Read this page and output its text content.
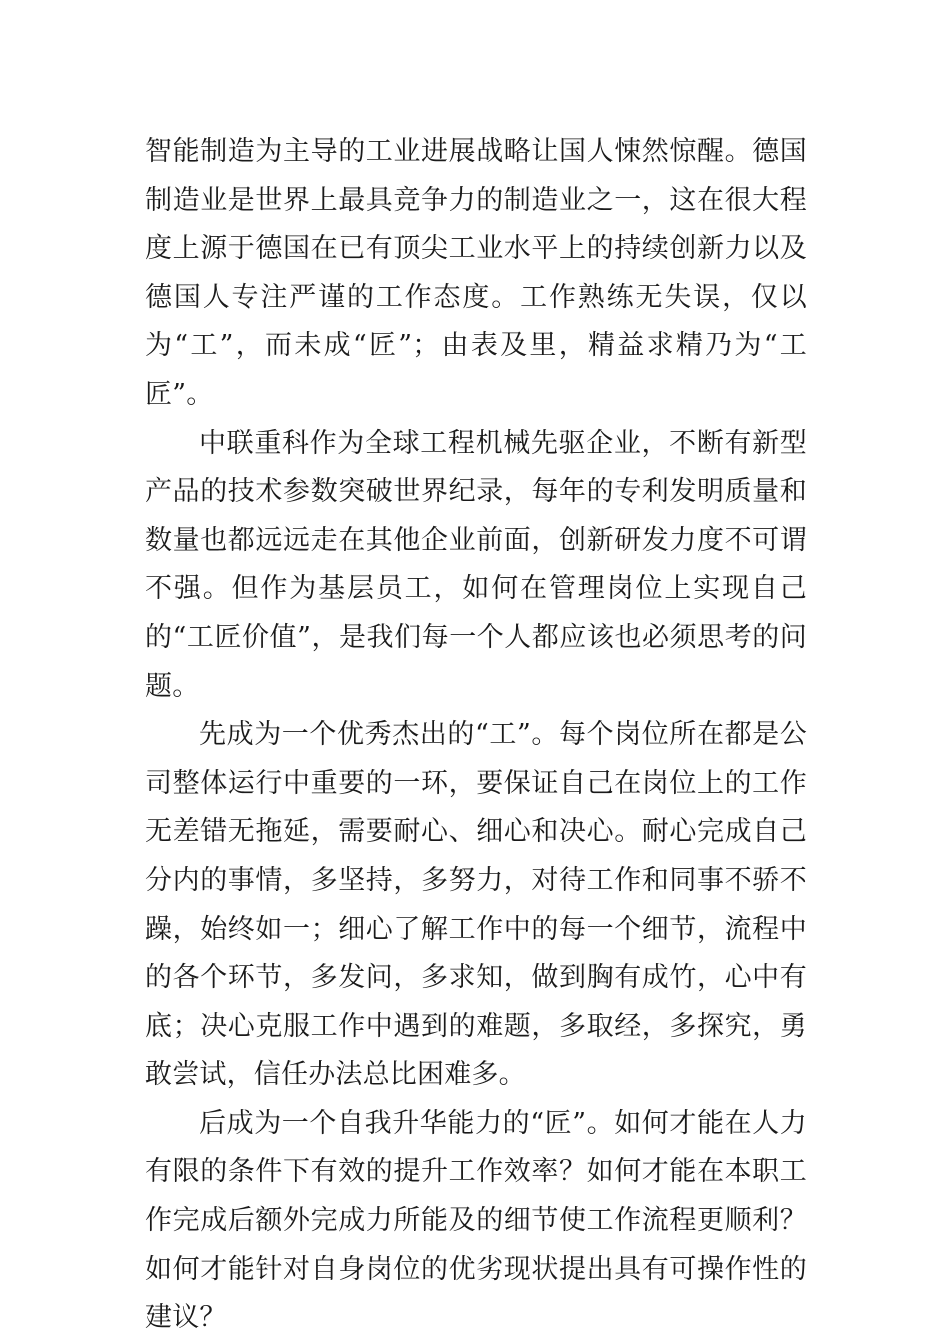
智能制造为主导的工业进展战略让国人悚然惊醒。德国制造业是世界上最具竞争力的制造业之一，这在很大程度上源于德国在已有顶尖工业水平上的持续创新力以及德国人专注严谨的工作态度。工作熟练无失误，仅以为“工”，而未成“匠”；由表及里，精益求精乃为“工匠”。

中联重科作为全球工程机械先驱企业，不断有新型产品的技术参数突破世界纪录，每年的专利发明质量和数量也都远远走在其他企业前面，创新研发力度不可谓不强。但作为基层员工，如何在管理岗位上实现自己的“工匠价值”，是我们每一个人都应该也必须思考的问题。

先成为一个优秀杰出的“工”。每个岗位所在都是公司整体运行中重要的一环，要保证自己在岗位上的工作无差错无拖延，需要耐心、细心和决心。耐心完成自己分内的事情，多坚持，多努力，对待工作和同事不骄不躁，始终如一；细心了解工作中的每一个细节，流程中的各个环节，多发问，多求知，做到胸有成竹，心中有底；决心克服工作中遇到的难题，多取经，多探究，勇敢尝试，信任办法总比困难多。

后成为一个自我升华能力的“匠”。如何才能在人力有限的条件下有效的提升工作效率？如何才能在本职工作完成后额外完成力所能及的细节使工作流程更顺利？如何才能针对自身岗位的优劣现状提出具有可操作性的建议？
